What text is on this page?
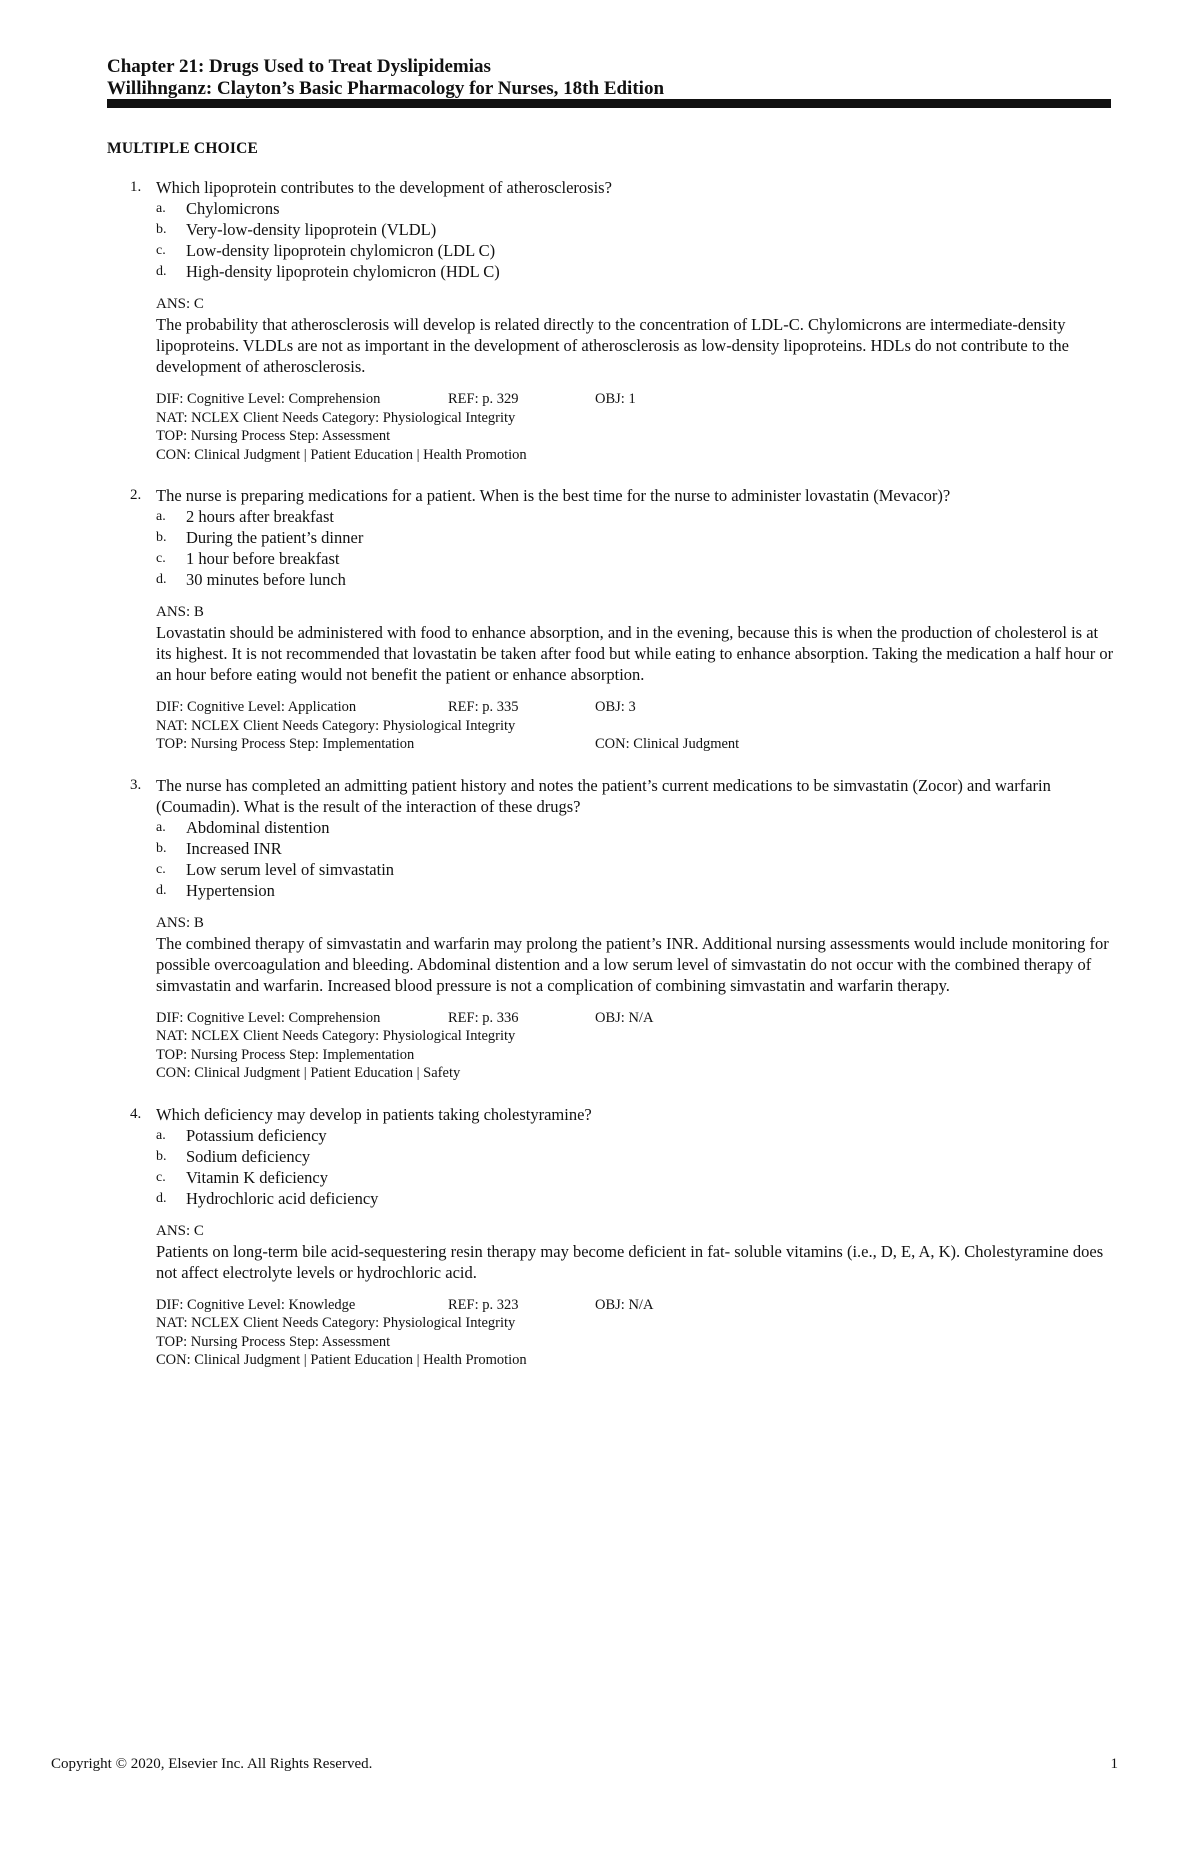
Chapter 21: Drugs Used to Treat Dyslipidemias
Willihnganz: Clayton’s Basic Pharmacology for Nurses, 18th Edition
MULTIPLE CHOICE
1. Which lipoprotein contributes to the development of atherosclerosis?
a. Chylomicrons
b. Very-low-density lipoprotein (VLDL)
c. Low-density lipoprotein chylomicron (LDL C)
d. High-density lipoprotein chylomicron (HDL C)
ANS: C
The probability that atherosclerosis will develop is related directly to the concentration of LDL-C. Chylomicrons are intermediate-density lipoproteins. VLDLs are not as important in the development of atherosclerosis as low-density lipoproteins. HDLs do not contribute to the development of atherosclerosis.
DIF: Cognitive Level: Comprehension	REF: p. 329	OBJ: 1
NAT: NCLEX Client Needs Category: Physiological Integrity
TOP: Nursing Process Step: Assessment
CON: Clinical Judgment | Patient Education | Health Promotion
2. The nurse is preparing medications for a patient. When is the best time for the nurse to administer lovastatin (Mevacor)?
a. 2 hours after breakfast
b. During the patient’s dinner
c. 1 hour before breakfast
d. 30 minutes before lunch
ANS: B
Lovastatin should be administered with food to enhance absorption, and in the evening, because this is when the production of cholesterol is at its highest. It is not recommended that lovastatin be taken after food but while eating to enhance absorption. Taking the medication a half hour or an hour before eating would not benefit the patient or enhance absorption.
DIF: Cognitive Level: Application	REF: p. 335	OBJ: 3
NAT: NCLEX Client Needs Category: Physiological Integrity
TOP: Nursing Process Step: Implementation	CON: Clinical Judgment
3. The nurse has completed an admitting patient history and notes the patient’s current medications to be simvastatin (Zocor) and warfarin (Coumadin). What is the result of the interaction of these drugs?
a. Abdominal distention
b. Increased INR
c. Low serum level of simvastatin
d. Hypertension
ANS: B
The combined therapy of simvastatin and warfarin may prolong the patient’s INR. Additional nursing assessments would include monitoring for possible overcoagulation and bleeding. Abdominal distention and a low serum level of simvastatin do not occur with the combined therapy of simvastatin and warfarin. Increased blood pressure is not a complication of combining simvastatin and warfarin therapy.
DIF: Cognitive Level: Comprehension	REF: p. 336	OBJ: N/A
NAT: NCLEX Client Needs Category: Physiological Integrity
TOP: Nursing Process Step: Implementation
CON: Clinical Judgment | Patient Education | Safety
4. Which deficiency may develop in patients taking cholestyramine?
a. Potassium deficiency
b. Sodium deficiency
c. Vitamin K deficiency
d. Hydrochloric acid deficiency
ANS: C
Patients on long-term bile acid-sequestering resin therapy may become deficient in fat- soluble vitamins (i.e., D, E, A, K). Cholestyramine does not affect electrolyte levels or hydrochloric acid.
DIF: Cognitive Level: Knowledge	REF: p. 323	OBJ: N/A
NAT: NCLEX Client Needs Category: Physiological Integrity
TOP: Nursing Process Step: Assessment
CON: Clinical Judgment | Patient Education | Health Promotion
Copyright © 2020, Elsevier Inc. All Rights Reserved.	1
